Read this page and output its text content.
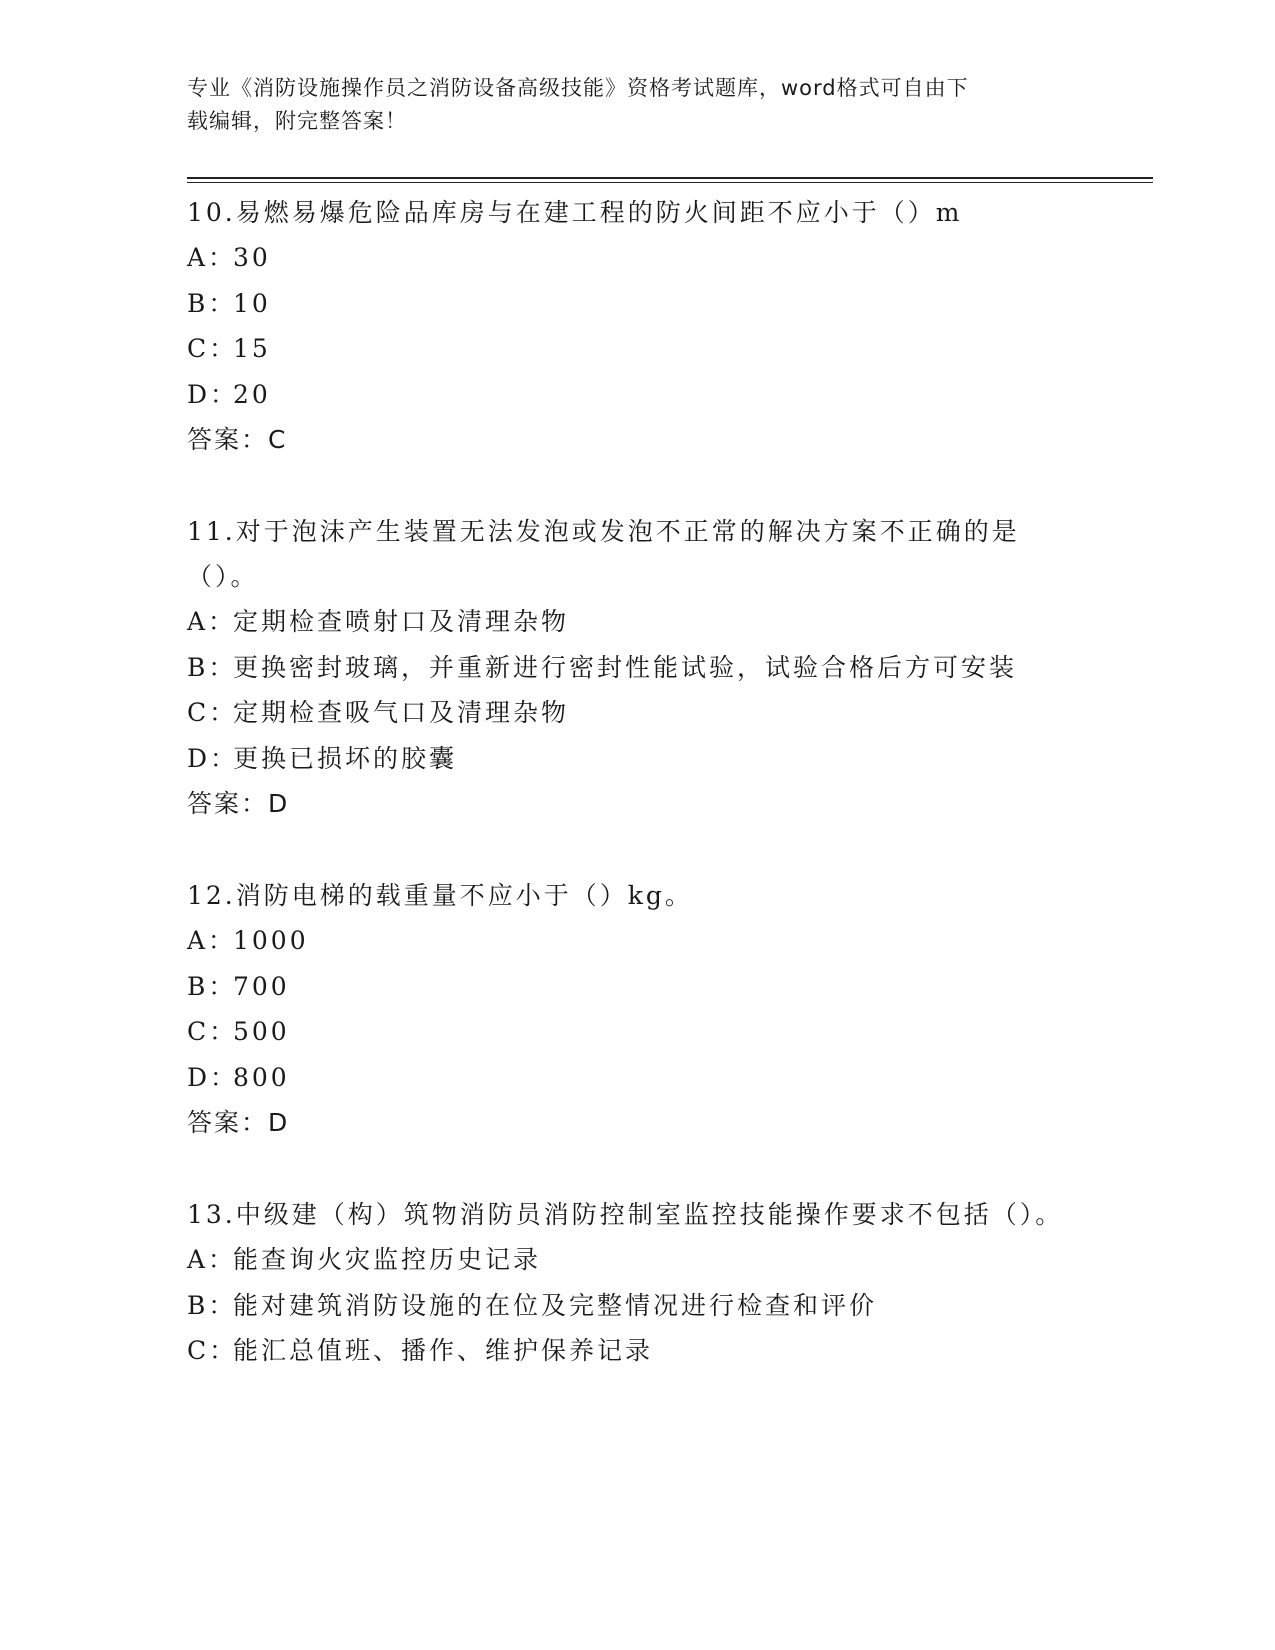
专业《消防设施操作员之消防设备高级技能》资格考试题库，word格式可自由下
载编辑，附完整答案！
10.易燃易爆危险品库房与在建工程的防火间距不应小于（）m
A：30
B：10
C：15
D：20
答案：C
11.对于泡沫产生装置无法发泡或发泡不正常的解决方案不正确的是（）。
A：定期检查喷射口及清理杂物
B：更换密封玻璃，并重新进行密封性能试验，试验合格后方可安装
C：定期检查吸气口及清理杂物
D：更换已损坏的胶囊
答案：D
12.消防电梯的载重量不应小于（）kg。
A：1000
B：700
C：500
D：800
答案：D
13.中级建（构）筑物消防员消防控制室监控技能操作要求不包括（）。
A：能查询火灾监控历史记录
B：能对建筑消防设施的在位及完整情况进行检查和评价
C：能汇总值班、播作、维护保养记录
